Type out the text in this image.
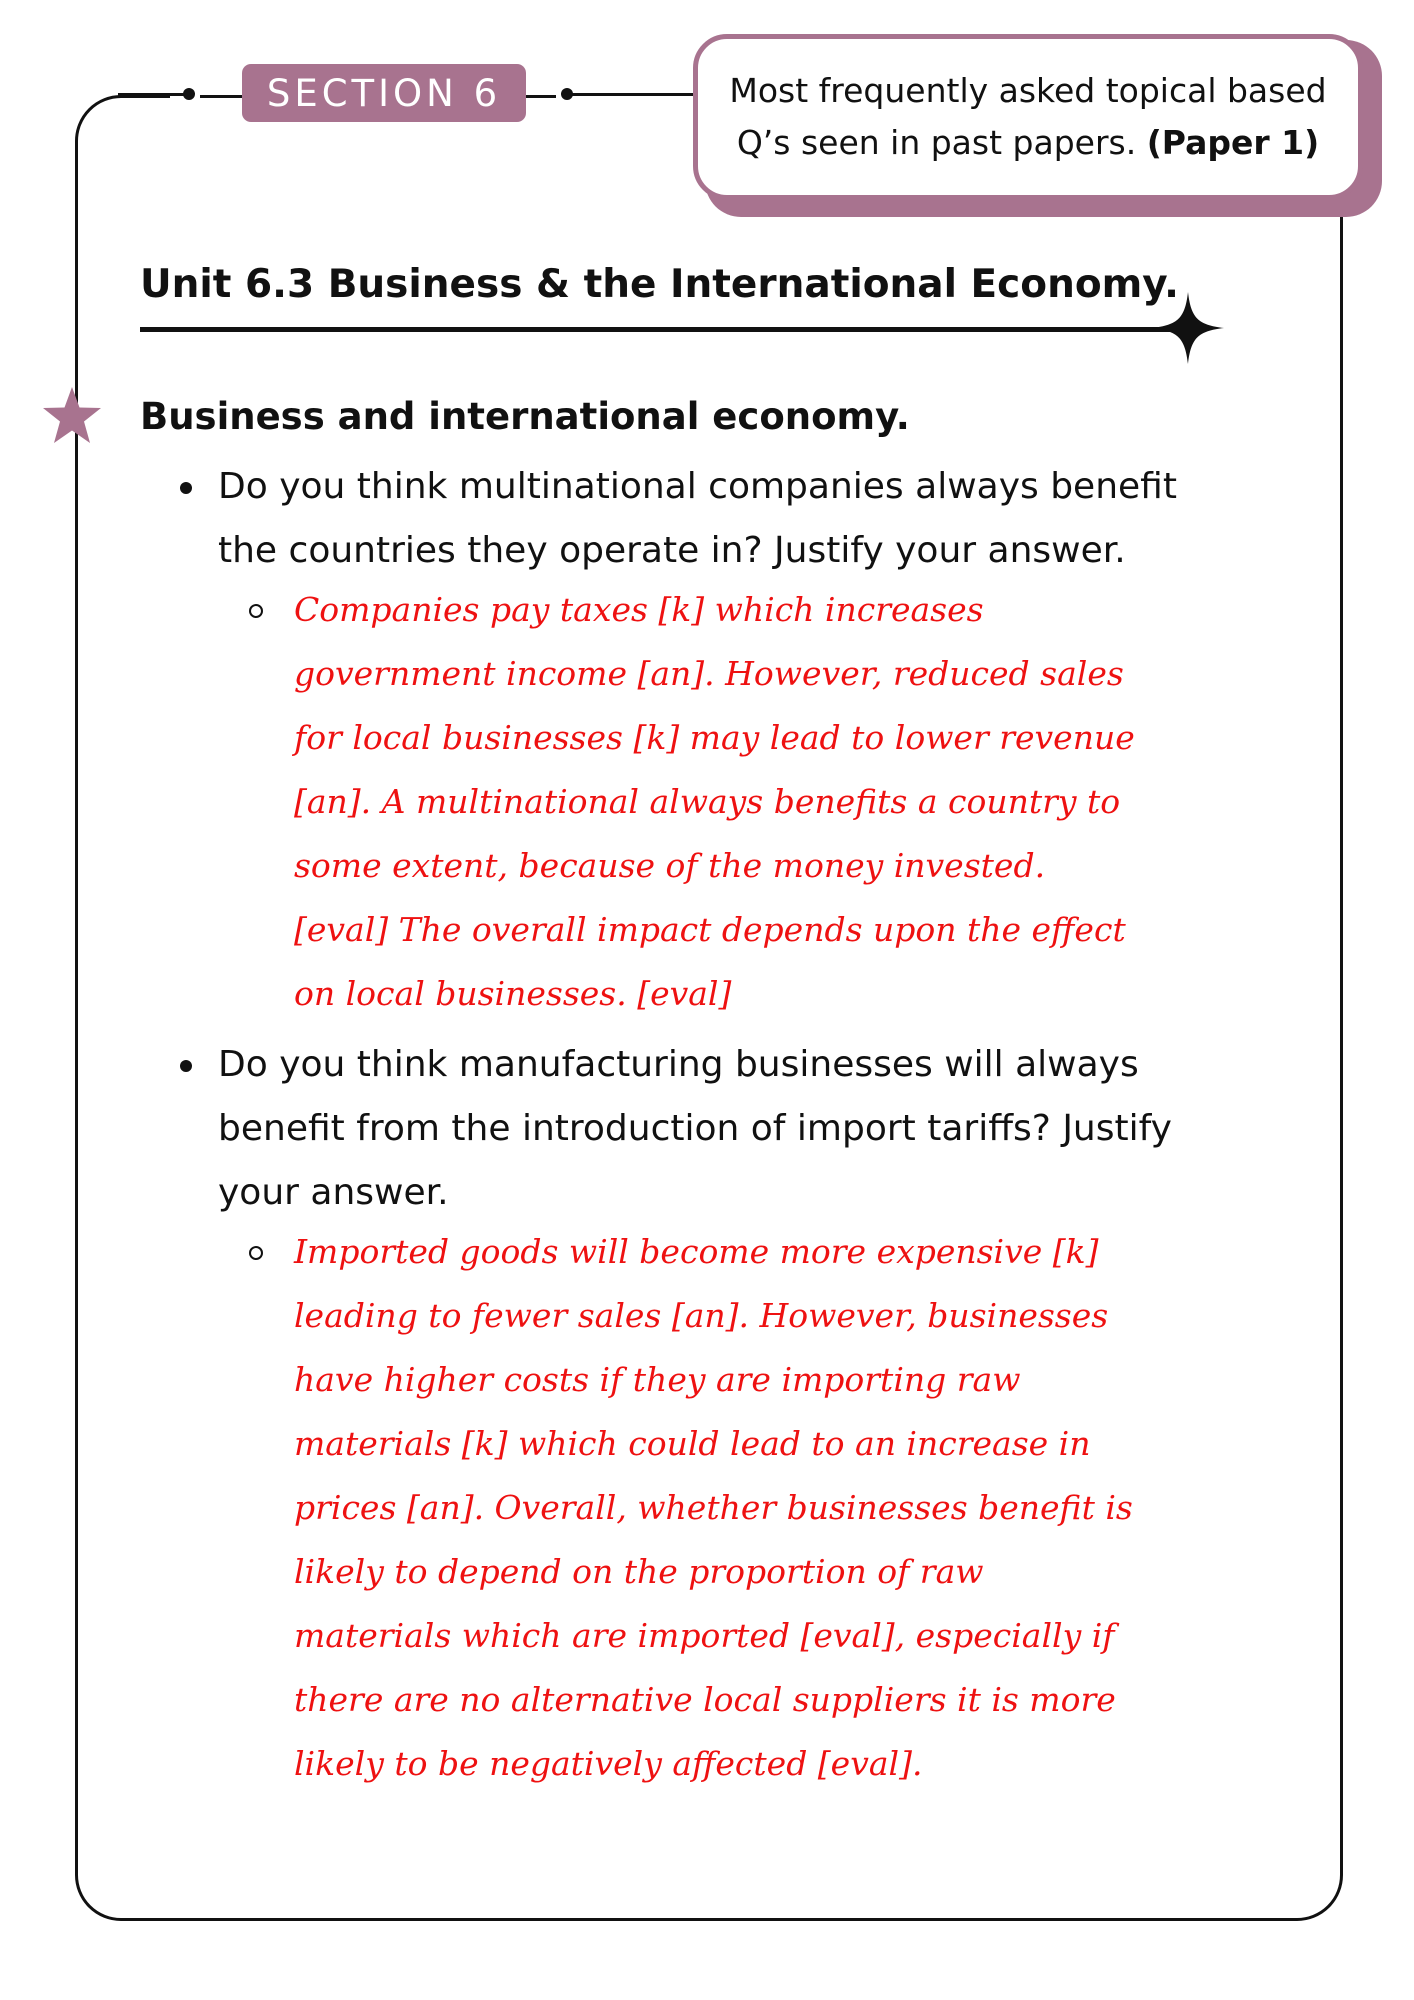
SECTION 6	Most frequently asked topical based
Q’s seen in past papers. (Paper 1)
Unit 6.3 Business & the International Economy.
Business and international economy.
Do you think multinational companies always benefit
the countries they operate in? Justify your answer.
Companies pay taxes [k] which increases
government income [an]. However, reduced sales
for local businesses [k] may lead to lower revenue
[an]. A multinational always benefits a country to
some extent, because of the money invested.
[eval] The overall impact depends upon the effect
on local businesses. [eval]
Do you think manufacturing businesses will always
benefit from the introduction of import tariffs? Justify
your answer.
Imported goods will become more expensive [k]
leading to fewer sales [an]. However, businesses
have higher costs if they are importing raw
materials [k] which could lead to an increase in
prices [an]. Overall, whether businesses benefit is
likely to depend on the proportion of raw
materials which are imported [eval], especially if
there are no alternative local suppliers it is more
likely to be negatively affected [eval].
